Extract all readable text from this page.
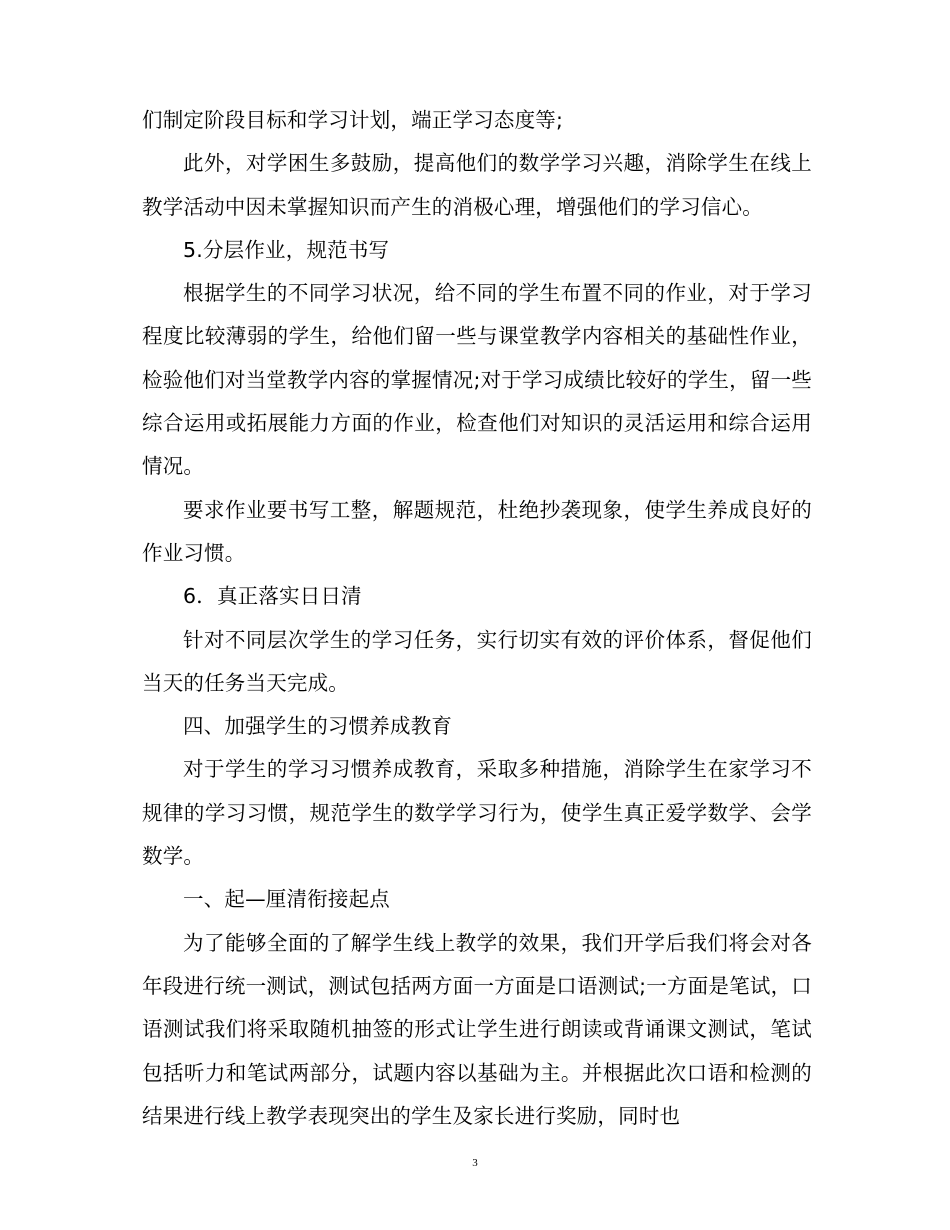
们制定阶段目标和学习计划，端正学习态度等;

此外，对学困生多鼓励，提高他们的数学学习兴趣，消除学生在线上教学活动中因未掌握知识而产生的消极心理，增强他们的学习信心。

5.分层作业，规范书写

根据学生的不同学习状况，给不同的学生布置不同的作业，对于学习程度比较薄弱的学生，给他们留一些与课堂教学内容相关的基础性作业，检验他们对当堂教学内容的掌握情况;对于学习成绩比较好的学生，留一些综合运用或拓展能力方面的作业，检查他们对知识的灵活运用和综合运用情况。

要求作业要书写工整，解题规范，杜绝抄袭现象，使学生养成良好的作业习惯。

6．真正落实日日清

针对不同层次学生的学习任务，实行切实有效的评价体系，督促他们当天的任务当天完成。

四、加强学生的习惯养成教育

对于学生的学习习惯养成教育，采取多种措施，消除学生在家学习不规律的学习习惯，规范学生的数学学习行为，使学生真正爱学数学、会学数学。

一、起—厘清衔接起点

为了能够全面的了解学生线上教学的效果，我们开学后我们将会对各年段进行统一测试，测试包括两方面一方面是口语测试;一方面是笔试，口语测试我们将采取随机抽签的形式让学生进行朗读或背诵课文测试，笔试包括听力和笔试两部分，试题内容以基础为主。并根据此次口语和检测的结果进行线上教学表现突出的学生及家长进行奖励，同时也

3
